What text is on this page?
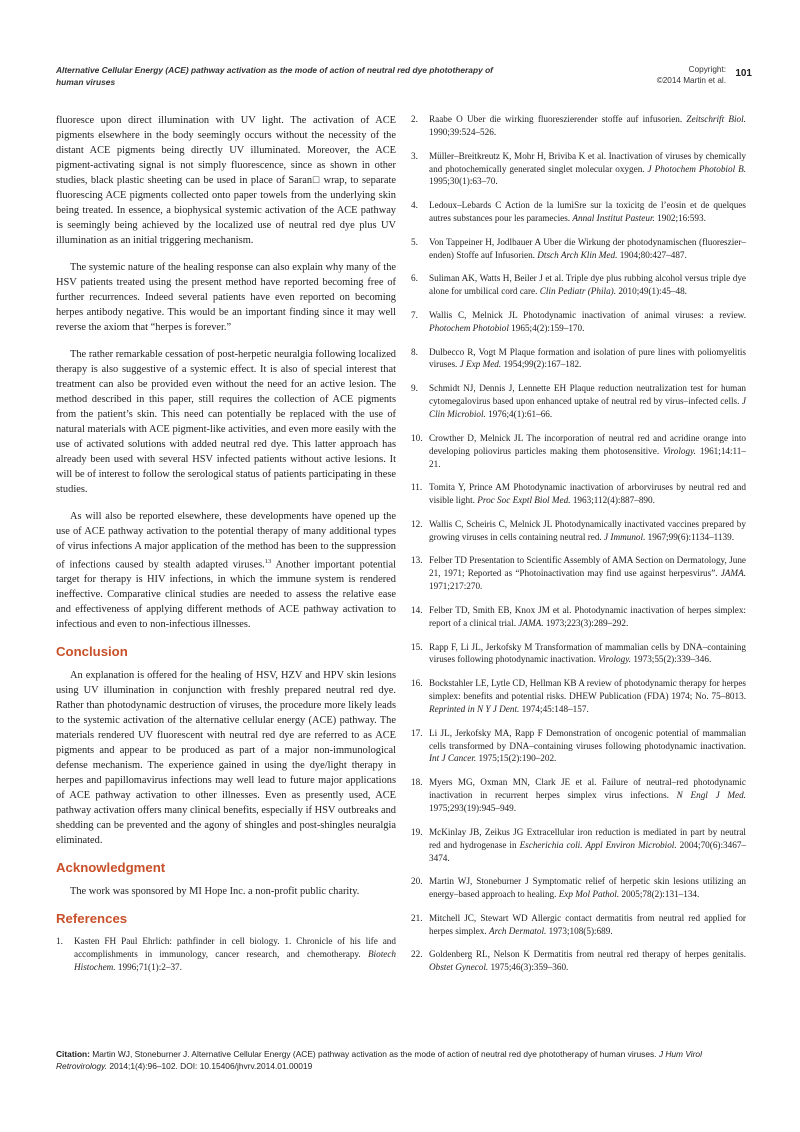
Alternative Cellular Energy (ACE) pathway activation as the mode of action of neutral red dye phototherapy of human viruses
Copyright:
©2014 Martin et al.
101

fluoresce upon direct illumination with UV light. The activation of ACE pigments elsewhere in the body seemingly occurs without the necessity of the distant ACE pigments being directly UV illuminated. Moreover, the ACE pigment-activating signal is not simply fluorescence, since as shown in other studies, black plastic sheeting can be used in place of Saran□ wrap, to separate fluorescing ACE pigments collected onto paper towels from the underlying skin being treated. In essence, a biophysical systemic activation of the ACE pathway is seemingly being achieved by the localized use of neutral red dye plus UV illumination as an initial triggering mechanism.

The systemic nature of the healing response can also explain why many of the HSV patients treated using the present method have reported becoming free of further recurrences. Indeed several patients have even reported on becoming herpes antibody negative. This would be an important finding since it may well reverse the axiom that “herpes is forever.”

The rather remarkable cessation of post-herpetic neuralgia following localized therapy is also suggestive of a systemic effect. It is also of special interest that treatment can also be provided even without the need for an active lesion. The method described in this paper, still requires the collection of ACE pigments from the patient’s skin. This need can potentially be replaced with the use of natural materials with ACE pigment-like activities, and even more easily with the use of activated solutions with added neutral red dye. This latter approach has already been used with several HSV infected patients without active lesions. It will be of interest to follow the serological status of patients participating in these studies.

As will also be reported elsewhere, these developments have opened up the use of ACE pathway activation to the potential therapy of many additional types of virus infections A major application of the method has been to the suppression of infections caused by stealth adapted viruses.$^{13}$ Another important potential target for therapy is HIV infections, in which the immune system is rendered ineffective. Comparative clinical studies are needed to assess the relative ease and effectiveness of applying different methods of ACE pathway activation to infectious and even to non-infectious illnesses.

Conclusion

An explanation is offered for the healing of HSV, HZV and HPV skin lesions using UV illumination in conjunction with freshly prepared neutral red dye. Rather than photodynamic destruction of viruses, the procedure more likely leads to the systemic activation of the alternative cellular energy (ACE) pathway. The materials rendered UV fluorescent with neutral red dye are referred to as ACE pigments and appear to be produced as part of a major non-immunological defense mechanism. The experience gained in using the dye/light therapy in herpes and papillomavirus infections may well lead to future major applications of ACE pathway activation to other illnesses. Even as presently used, ACE pathway activation offers many clinical benefits, especially if HSV outbreaks and shedding can be prevented and the agony of shingles and post-shingles neuralgia eliminated.

Acknowledgment

The work was sponsored by MI Hope Inc. a non-profit public charity.

References
1.	Kasten FH Paul Ehrlich: pathfinder in cell biology. 1. Chronicle of his life and accomplishments in immunology, cancer research, and chemotherapy. Biotech Histochem. 1996;71(1):2–37.
2.	Raabe O Uber die wirking fluoreszierender stoffe auf infusorien. Zeitschrift Biol. 1990;39:524–526.
3.	Müller–Breitkreutz K, Mohr H, Briviba K et al. Inactivation of viruses by chemically and photochemically generated singlet molecular oxygen. J Photochem Photobiol B. 1995;30(1):63–70.
4.	Ledoux–Lebards C Action de la lumiSre sur la toxicitg de l’eosin et de quelques autres substances pour les paramecies. Annal Institut Pasteur. 1902;16:593.
5.	Von Tappeiner H, Jodlbauer A Uber die Wirkung der photodynamischen (fluoreszier–enden) Stoffe auf Infusorien. Dtsch Arch Klin Med. 1904;80:427–487.
6.	Suliman AK, Watts H, Beiler J et al. Triple dye plus rubbing alcohol versus triple dye alone for umbilical cord care. Clin Pediatr (Phila). 2010;49(1):45–48.
7.	Wallis C, Melnick JL Photodynamic inactivation of animal viruses: a review. Photochem Photobiol 1965;4(2):159–170.
8.	Dulbecco R, Vogt M Plaque formation and isolation of pure lines with poliomyelitis viruses. J Exp Med. 1954;99(2):167–182.
9.	Schmidt NJ, Dennis J, Lennette EH Plaque reduction neutralization test for human cytomegalovirus based upon enhanced uptake of neutral red by virus–infected cells. J Clin Microbiol. 1976;4(1):61–66.
10. Crowther D, Melnick JL The incorporation of neutral red and acridine orange into developing poliovirus particles making them photosensitive. Virology. 1961;14:11–21.
11. Tomita Y, Prince AM Photodynamic inactivation of arborviruses by neutral red and visible light. Proc Soc Exptl Biol Med. 1963;112(4):887–890.
12. Wallis C, Scheiris C, Melnick JL Photodynamically inactivated vaccines prepared by growing viruses in cells containing neutral red. J Immunol. 1967;99(6):1134–1139.
13. Felber TD Presentation to Scientific Assembly of AMA Section on Dermatology, June 21, 1971; Reported as “Photoinactivation may find use against herpesvirus”. JAMA. 1971;217:270.
14. Felber TD, Smith EB, Knox JM et al. Photodynamic inactivation of herpes simplex: report of a clinical trial. JAMA. 1973;223(3):289–292.
15. Rapp F, Li JL, Jerkofsky M Transformation of mammalian cells by DNA–containing viruses following photodynamic inactivation. Virology. 1973;55(2):339–346.
16. Bockstahler LE, Lytle CD, Hellman KB A review of photodynamic therapy for herpes simplex: benefits and potential risks. DHEW Publication (FDA) 1974; No. 75–8013. Reprinted in N Y J Dent. 1974;45:148–157.
17. Li JL, Jerkofsky MA, Rapp F Demonstration of oncogenic potential of mammalian cells transformed by DNA–containing viruses following photodynamic inactivation. Int J Cancer. 1975;15(2):190–202.
18. Myers MG, Oxman MN, Clark JE et al. Failure of neutral–red photodynamic inactivation in recurrent herpes simplex virus infections. N Engl J Med. 1975;293(19):945–949.
19. McKinlay JB, Zeikus JG Extracellular iron reduction is mediated in part by neutral red and hydrogenase in Escherichia coli. Appl Environ Microbiol. 2004;70(6):3467–3474.
20. Martin WJ, Stoneburner J Symptomatic relief of herpetic skin lesions utilizing an energy–based approach to healing. Exp Mol Pathol. 2005;78(2):131–134.
21. Mitchell JC, Stewart WD Allergic contact dermatitis from neutral red applied for herpes simplex. Arch Dermatol. 1973;108(5):689.
22. Goldenberg RL, Nelson K Dermatitis from neutral red therapy of herpes genitalis. Obstet Gynecol. 1975;46(3):359–360.
Citation: Martin WJ, Stoneburner J. Alternative Cellular Energy (ACE) pathway activation as the mode of action of neutral red dye phototherapy of human viruses. J Hum Virol Retrovirology. 2014;1(4):96‒102. DOI: 10.15406/jhvrv.2014.01.00019
